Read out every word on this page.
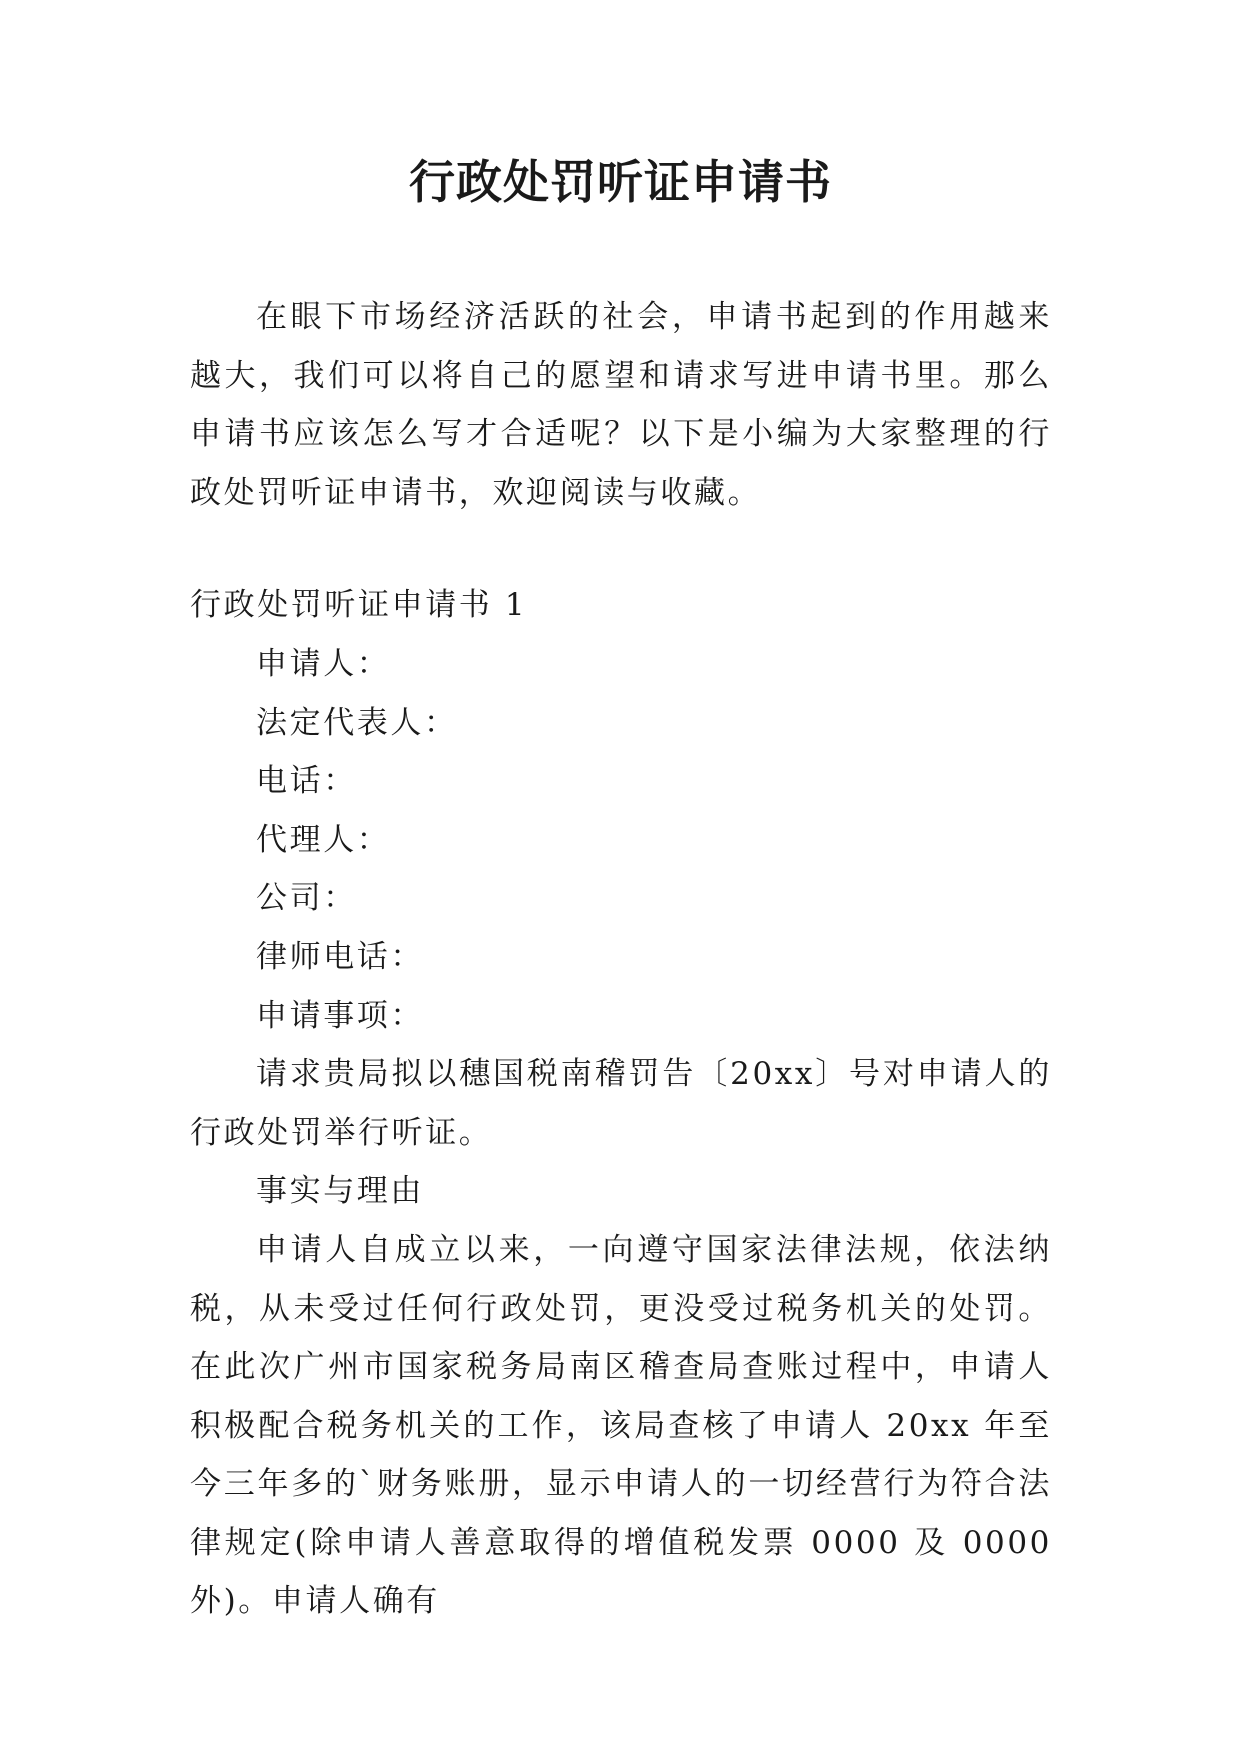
行政处罚听证申请书

在眼下市场经济活跃的社会，申请书起到的作用越来越大，我们可以将自己的愿望和请求写进申请书里。那么申请书应该怎么写才合适呢？以下是小编为大家整理的行政处罚听证申请书，欢迎阅读与收藏。

行政处罚听证申请书 1

申请人：

法定代表人：

电话：

代理人：

公司：

律师电话：

申请事项：

请求贵局拟以穗国税南稽罚告〔20xx〕号对申请人的行政处罚举行听证。

事实与理由

申请人自成立以来，一向遵守国家法律法规，依法纳税，从未受过任何行政处罚，更没受过税务机关的处罚。在此次广州市国家税务局南区稽查局查账过程中，申请人积极配合税务机关的工作，该局查核了申请人 20xx 年至今三年多的`财务账册，显示申请人的一切经营行为符合法律规定(除申请人善意取得的增值税发票 0000 及 0000 外)。申请人确有
